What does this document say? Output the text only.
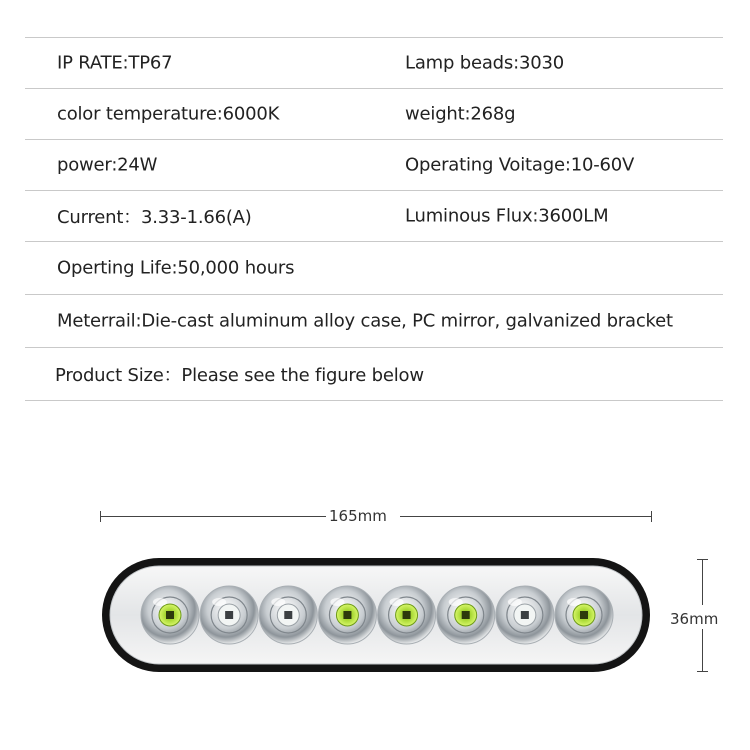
IP RATE:TP67	Lamp beads:3030
color temperature:6000K	weight:268g
power:24W	Operating Voitage:10-60V
Current：3.33-1.66(A)	Luminous Flux:3600LM
Operting Life:50,000 hours
Meterrail:Die-cast aluminum alloy case, PC mirror, galvanized bracket
Product Size：Please see the figure below
165mm
36mm
